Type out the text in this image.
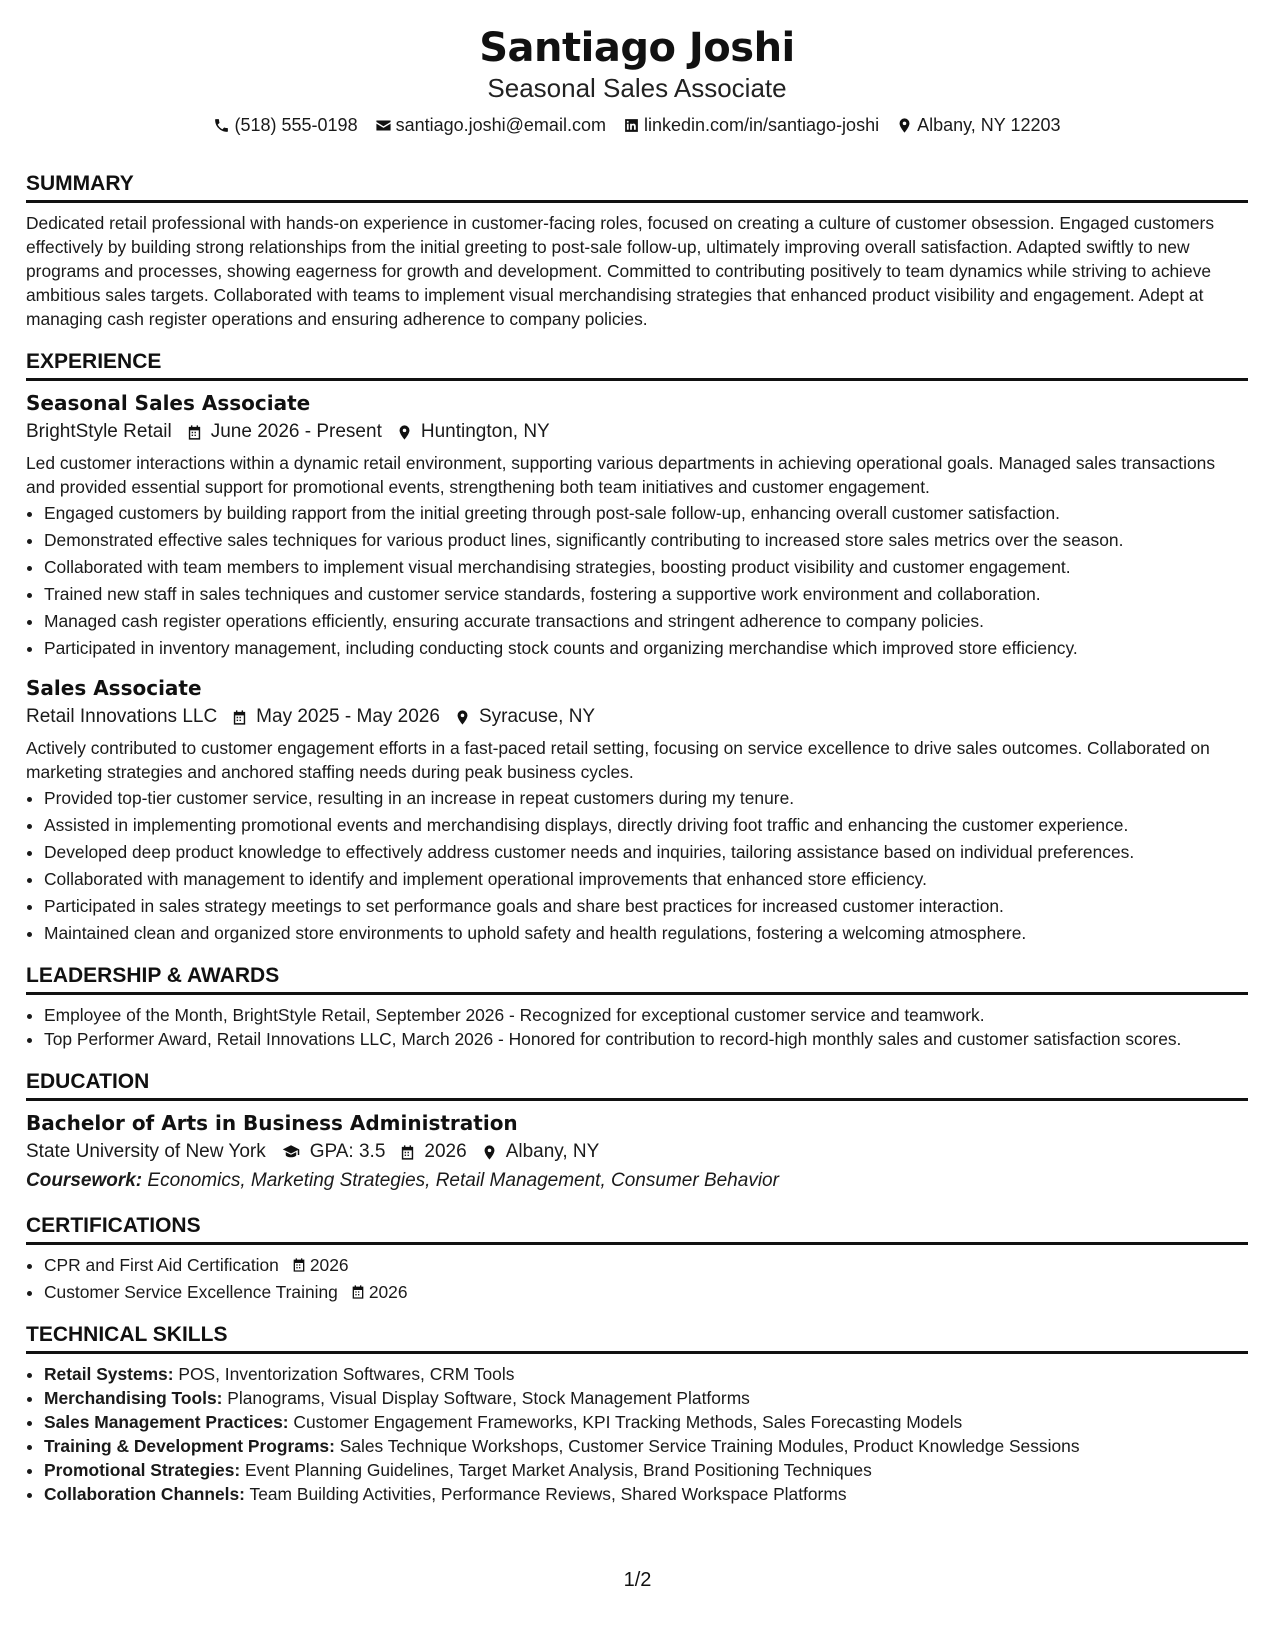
Santiago Joshi
Seasonal Sales Associate
(518) 555-0198 santiago.joshi@email.com linkedin.com/in/santiago-joshi Albany, NY 12203
SUMMARY

Dedicated retail professional with hands-on experience in customer-facing roles, focused on creating a culture of customer obsession. Engaged customers effectively by building strong relationships from the initial greeting to post-sale follow-up, ultimately improving overall satisfaction. Adapted swiftly to new programs and processes, showing eagerness for growth and development. Committed to contributing positively to team dynamics while striving to achieve ambitious sales targets. Collaborated with teams to implement visual merchandising strategies that enhanced product visibility and engagement. Adept at managing cash register operations and ensuring adherence to company policies.

EXPERIENCE
Seasonal Sales Associate
BrightStyle Retail June 2026 - Present Huntington, NY

Led customer interactions within a dynamic retail environment, supporting various departments in achieving operational goals. Managed sales transactions and provided essential support for promotional events, strengthening both team initiatives and customer engagement.

• Engaged customers by building rapport from the initial greeting through post-sale follow-up, enhancing overall customer satisfaction.
• Demonstrated effective sales techniques for various product lines, significantly contributing to increased store sales metrics over the season.
• Collaborated with team members to implement visual merchandising strategies, boosting product visibility and customer engagement.
• Trained new staff in sales techniques and customer service standards, fostering a supportive work environment and collaboration.
• Managed cash register operations efficiently, ensuring accurate transactions and stringent adherence to company policies.
• Participated in inventory management, including conducting stock counts and organizing merchandise which improved store efficiency.
Sales Associate
Retail Innovations LLC May 2025 - May 2026 Syracuse, NY

Actively contributed to customer engagement efforts in a fast-paced retail setting, focusing on service excellence to drive sales outcomes. Collaborated on marketing strategies and anchored staffing needs during peak business cycles.

• Provided top-tier customer service, resulting in an increase in repeat customers during my tenure.
• Assisted in implementing promotional events and merchandising displays, directly driving foot traffic and enhancing the customer experience.
• Developed deep product knowledge to effectively address customer needs and inquiries, tailoring assistance based on individual preferences.
• Collaborated with management to identify and implement operational improvements that enhanced store efficiency.
• Participated in sales strategy meetings to set performance goals and share best practices for increased customer interaction.
• Maintained clean and organized store environments to uphold safety and health regulations, fostering a welcoming atmosphere.
LEADERSHIP & AWARDS
• Employee of the Month, BrightStyle Retail, September 2026 - Recognized for exceptional customer service and teamwork.
• Top Performer Award, Retail Innovations LLC, March 2026 - Honored for contribution to record-high monthly sales and customer satisfaction scores.
EDUCATION
Bachelor of Arts in Business Administration
State University of New York GPA: 3.5 2026 Albany, NY
Coursework: Economics, Marketing Strategies, Retail Management, Consumer Behavior
CERTIFICATIONS
• CPR and First Aid Certification 2026
• Customer Service Excellence Training 2026
TECHNICAL SKILLS
• Retail Systems: POS, Inventorization Softwares, CRM Tools
• Merchandising Tools: Planograms, Visual Display Software, Stock Management Platforms
• Sales Management Practices: Customer Engagement Frameworks, KPI Tracking Methods, Sales Forecasting Models
• Training & Development Programs: Sales Technique Workshops, Customer Service Training Modules, Product Knowledge Sessions
• Promotional Strategies: Event Planning Guidelines, Target Market Analysis, Brand Positioning Techniques
• Collaboration Channels: Team Building Activities, Performance Reviews, Shared Workspace Platforms
1/2
